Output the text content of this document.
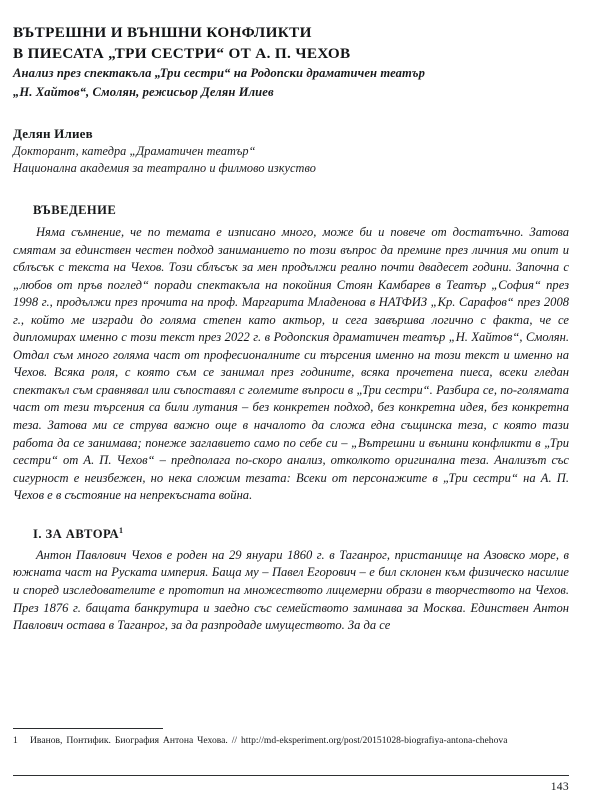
ВЪТРЕШНИ И ВЪНШНИ КОНФЛИКТИ
В ПИЕСАТА „ТРИ СЕСТРИ“ ОТ А. П. ЧЕХОВ
Анализ през спектакъла „Три сестри“ на Родопски драматичен театър
„Н. Хайтов“, Смолян, режисьор Делян Илиев
Делян Илиев
Докторант, катедра „Драматичен театър“
Национална академия за театрално и филмово изкуство
ВЪВЕДЕНИЕ

Няма съмнение, че по темата е изписано много, може би и повече от достатъчно. Затова смятам за единствен честен подход заниманието по този въпрос да премине през личния ми опит и сблъсък с текста на Чехов. Този сблъсък за мен продължи реално почти двадесет години. Започна с „любов от пръв поглед“ поради спектакъла на покойния Стоян Камбарев в Театър „София“ през 1998 г., продължи през прочита на проф. Маргарита Младенова в НАТФИЗ „Кр. Сарафов“ през 2008 г., който ме изгради до голяма степен като актьор, и сега завършва логично с факта, че се дипломирах именно с този текст през 2022 г. в Родопския драматичен театър „Н. Хайтов“, Смолян. Отдал съм много голяма част от професионалните си търсения именно на този текст и именно на Чехов. Всяка роля, с която съм се занимал през годините, всяка прочетена пиеса, всеки гледан спектакъл съм сравнявал или съпоставял с големите въпроси в „Три сестри“. Разбира се, по-голямата част от тези търсения са били лутания – без конкретен подход, без конкретна идея, без конкретна теза. Затова ми се струва важно още в началото да сложа една същинска теза, с която тази работа да се занимава; понеже заглавието само по себе си – „Вътрешни и външни конфликти в „Три сестри“ от А. П. Чехов“ – предполага по-скоро анализ, отколкото оригинална теза. Анализът със сигурност е неизбежен, но нека сложим тезата: Всеки от персонажите в „Три сестри“ на А. П. Чехов е в състояние на непрекъсната война.

I. ЗА АВТОРА$^1$

Антон Павлович Чехов е роден на 29 януари 1860 г. в Таганрог, пристанище на Азовско море, в южната част на Руската империя. Баща му – Павел Егорович – е бил склонен към физическо насилие и според изследователите е прототип на множеството лицемерни образи в творчеството на Чехов. През 1876 г. бащата банкрутира и заедно със семейството заминава за Москва. Единствен Антон Павлович остава в Таганрог, за да разпродаде имуществото. За да се

1	Иванов, Понтифик. Биография Антона Чехова. // http://md-eksperiment.org/post/20151028-biografiya-antona-chehova
143
